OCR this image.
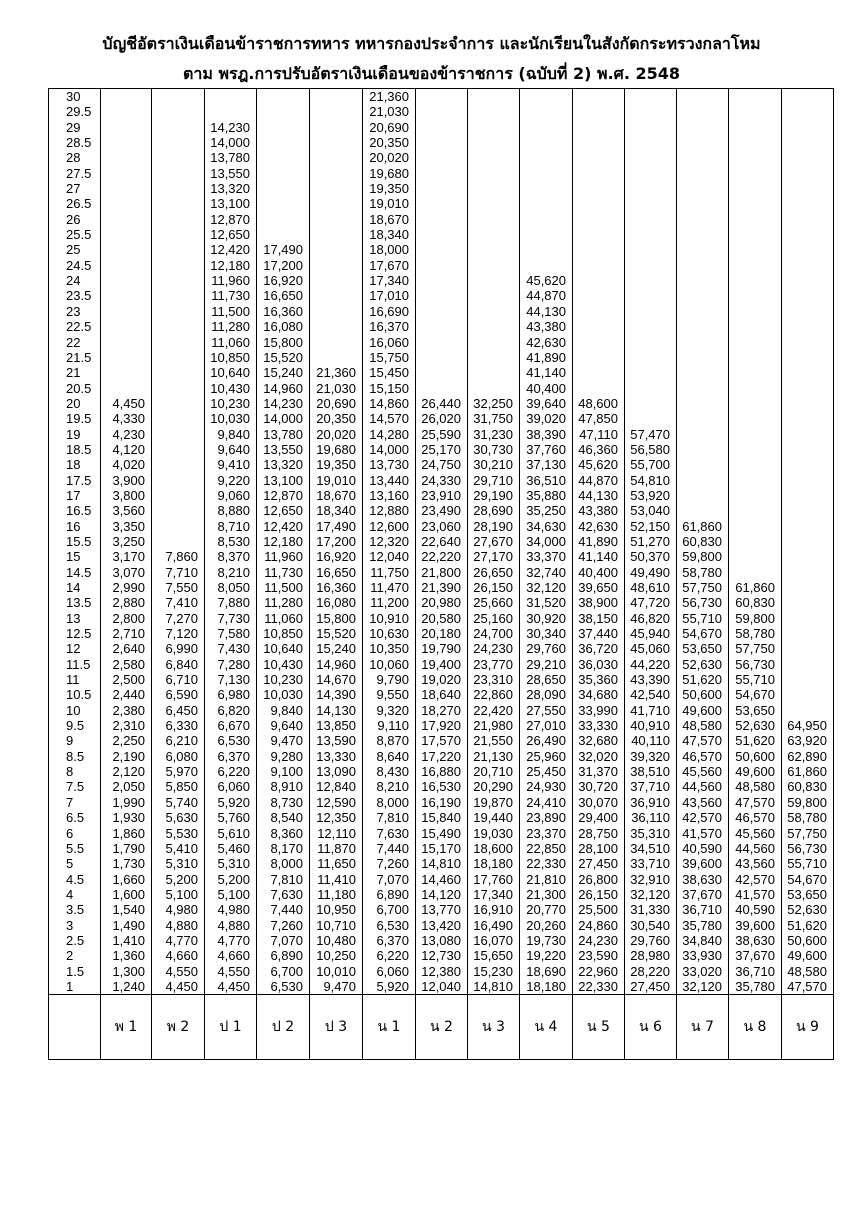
บัญชีอัตราเงินเดือนข้าราชการทหาร ทหารกองประจำการ และนักเรียนในสังกัดกระทรวงกลาโหม
ตาม พรฎ.การปรับอัตราเงินเดือนของข้าราชการ (ฉบับที่ 2) พ.ศ. 2548
30						21,360								
29.5						21,030								
29			14,230			20,690								
28.5			14,000			20,350								
28			13,780			20,020								
27.5			13,550			19,680								
27			13,320			19,350								
26.5			13,100			19,010								
26			12,870			18,670								
25.5			12,650			18,340								
25			12,420	17,490		18,000								
24.5			12,180	17,200		17,670								
24			11,960	16,920		17,340			45,620					
23.5			11,730	16,650		17,010			44,870					
23			11,500	16,360		16,690			44,130					
22.5			11,280	16,080		16,370			43,380					
22			11,060	15,800		16,060			42,630					
21.5			10,850	15,520		15,750			41,890					
21			10,640	15,240	21,360	15,450			41,140					
20.5			10,430	14,960	21,030	15,150			40,400					
20	4,450		10,230	14,230	20,690	14,860	26,440	32,250	39,640	48,600				
19.5	4,330		10,030	14,000	20,350	14,570	26,020	31,750	39,020	47,850				
19	4,230		9,840	13,780	20,020	14,280	25,590	31,230	38,390	47,110	57,470			
18.5	4,120		9,640	13,550	19,680	14,000	25,170	30,730	37,760	46,360	56,580			
18	4,020		9,410	13,320	19,350	13,730	24,750	30,210	37,130	45,620	55,700			
17.5	3,900		9,220	13,100	19,010	13,440	24,330	29,710	36,510	44,870	54,810			
17	3,800		9,060	12,870	18,670	13,160	23,910	29,190	35,880	44,130	53,920			
16.5	3,560		8,880	12,650	18,340	12,880	23,490	28,690	35,250	43,380	53,040			
16	3,350		8,710	12,420	17,490	12,600	23,060	28,190	34,630	42,630	52,150	61,860		
15.5	3,250		8,530	12,180	17,200	12,320	22,640	27,670	34,000	41,890	51,270	60,830		
15	3,170	7,860	8,370	11,960	16,920	12,040	22,220	27,170	33,370	41,140	50,370	59,800		
14.5	3,070	7,710	8,210	11,730	16,650	11,750	21,800	26,650	32,740	40,400	49,490	58,780		
14	2,990	7,550	8,050	11,500	16,360	11,470	21,390	26,150	32,120	39,650	48,610	57,750	61,860	
13.5	2,880	7,410	7,880	11,280	16,080	11,200	20,980	25,660	31,520	38,900	47,720	56,730	60,830	
13	2,800	7,270	7,730	11,060	15,800	10,910	20,580	25,160	30,920	38,150	46,820	55,710	59,800	
12.5	2,710	7,120	7,580	10,850	15,520	10,630	20,180	24,700	30,340	37,440	45,940	54,670	58,780	
12	2,640	6,990	7,430	10,640	15,240	10,350	19,790	24,230	29,760	36,720	45,060	53,650	57,750	
11.5	2,580	6,840	7,280	10,430	14,960	10,060	19,400	23,770	29,210	36,030	44,220	52,630	56,730	
11	2,500	6,710	7,130	10,230	14,670	9,790	19,020	23,310	28,650	35,360	43,390	51,620	55,710	
10.5	2,440	6,590	6,980	10,030	14,390	9,550	18,640	22,860	28,090	34,680	42,540	50,600	54,670	
10	2,380	6,450	6,820	9,840	14,130	9,320	18,270	22,420	27,550	33,990	41,710	49,600	53,650	
9.5	2,310	6,330	6,670	9,640	13,850	9,110	17,920	21,980	27,010	33,330	40,910	48,580	52,630	64,950
9	2,250	6,210	6,530	9,470	13,590	8,870	17,570	21,550	26,490	32,680	40,110	47,570	51,620	63,920
8.5	2,190	6,080	6,370	9,280	13,330	8,640	17,220	21,130	25,960	32,020	39,320	46,570	50,600	62,890
8	2,120	5,970	6,220	9,100	13,090	8,430	16,880	20,710	25,450	31,370	38,510	45,560	49,600	61,860
7.5	2,050	5,850	6,060	8,910	12,840	8,210	16,530	20,290	24,930	30,720	37,710	44,560	48,580	60,830
7	1,990	5,740	5,920	8,730	12,590	8,000	16,190	19,870	24,410	30,070	36,910	43,560	47,570	59,800
6.5	1,930	5,630	5,760	8,540	12,350	7,810	15,840	19,440	23,890	29,400	36,110	42,570	46,570	58,780
6	1,860	5,530	5,610	8,360	12,110	7,630	15,490	19,030	23,370	28,750	35,310	41,570	45,560	57,750
5.5	1,790	5,410	5,460	8,170	11,870	7,440	15,170	18,600	22,850	28,100	34,510	40,590	44,560	56,730
5	1,730	5,310	5,310	8,000	11,650	7,260	14,810	18,180	22,330	27,450	33,710	39,600	43,560	55,710
4.5	1,660	5,200	5,200	7,810	11,410	7,070	14,460	17,760	21,810	26,800	32,910	38,630	42,570	54,670
4	1,600	5,100	5,100	7,630	11,180	6,890	14,120	17,340	21,300	26,150	32,120	37,670	41,570	53,650
3.5	1,540	4,980	4,980	7,440	10,950	6,700	13,770	16,910	20,770	25,500	31,330	36,710	40,590	52,630
3	1,490	4,880	4,880	7,260	10,710	6,530	13,420	16,490	20,260	24,860	30,540	35,780	39,600	51,620
2.5	1,410	4,770	4,770	7,070	10,480	6,370	13,080	16,070	19,730	24,230	29,760	34,840	38,630	50,600
2	1,360	4,660	4,660	6,890	10,250	6,220	12,730	15,650	19,220	23,590	28,980	33,930	37,670	49,600
1.5	1,300	4,550	4,550	6,700	10,010	6,060	12,380	15,230	18,690	22,960	28,220	33,020	36,710	48,580
1	1,240	4,450	4,450	6,530	9,470	5,920	12,040	14,810	18,180	22,330	27,450	32,120	35,780	47,570
	พ 1	พ 2	ป 1	ป 2	ป 3	น 1	น 2	น 3	น 4	น 5	น 6	น 7	น 8	น 9
